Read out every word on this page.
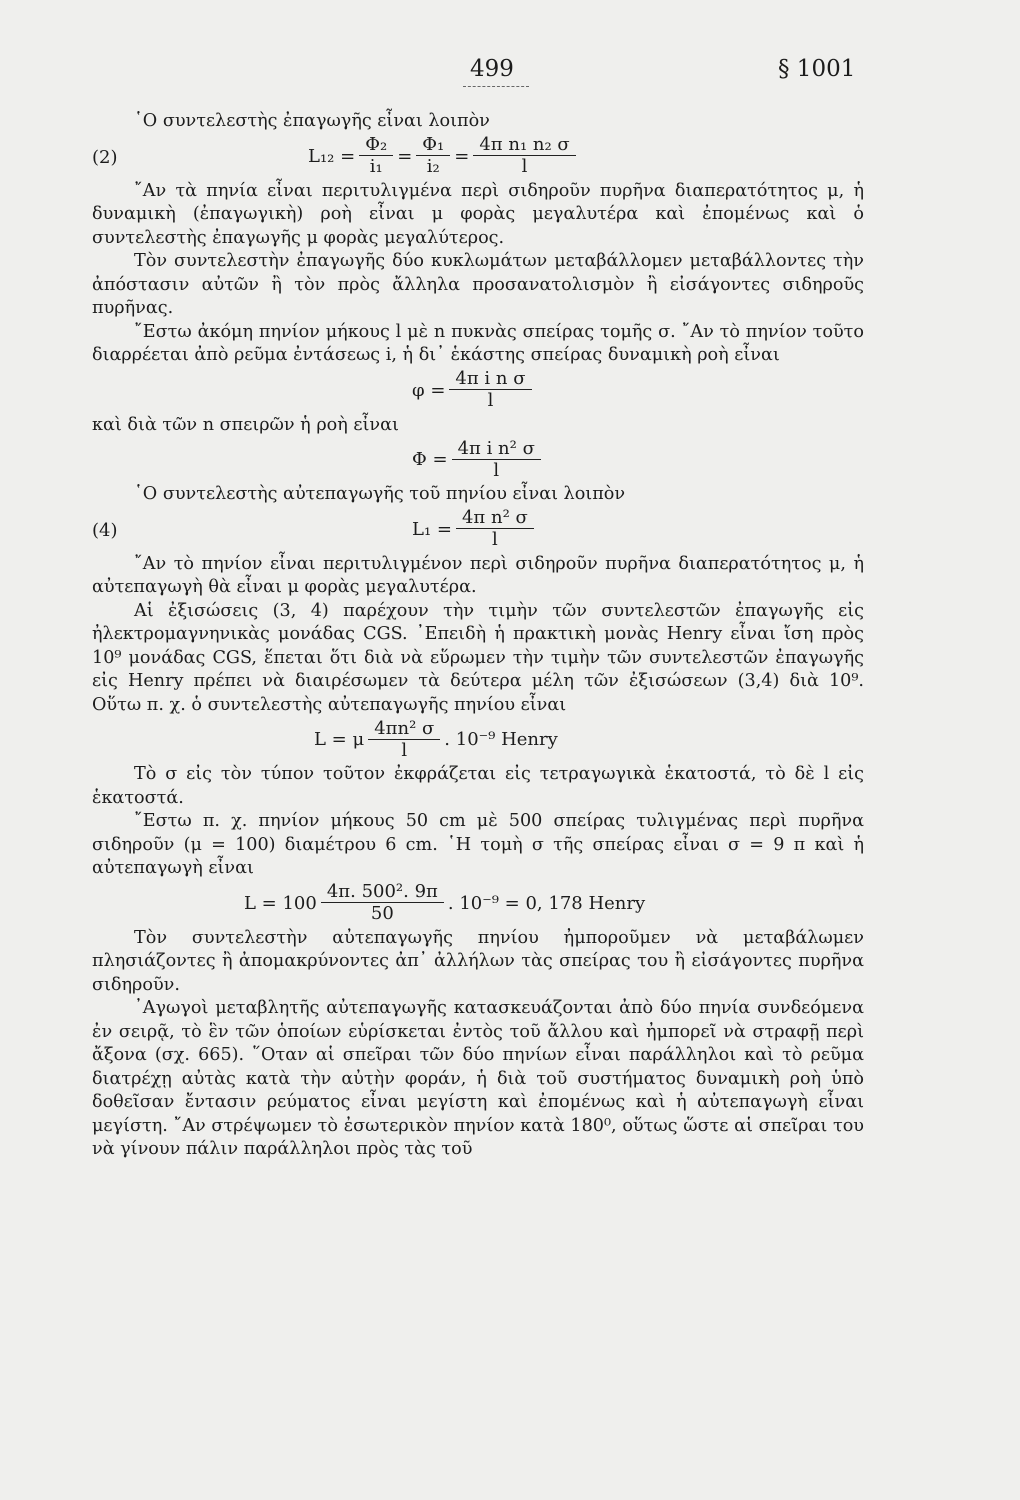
499	§ 1001

῾Ο συντελεστὴς ἐπαγωγῆς εἶναι λοιπὸν

(2)	$L_{12} = \frac{\text{Φ₂}}{\text{i₁}} = \frac{\text{Φ₁}}{\text{i₂}} = \frac{\text{4π n₁ n₂ σ}}{l}$

῎Αν τὰ πηνία εἶναι περιτυλιγμένα περὶ σιδηροῦν πυρῆνα διαπερατότητος μ, ἡ δυναμικὴ (ἐπαγωγικὴ) ροὴ εἶναι μ φορὰς μεγαλυτέρα καὶ ἐπομένως καὶ ὁ συντελεστὴς ἐπαγωγῆς μ φορὰς μεγαλύτερος.

Τὸν συντελεστὴν ἐπαγωγῆς δύο κυκλωμάτων μεταβάλλομεν μεταβάλλοντες τὴν ἀπόστασιν αὐτῶν ἢ τὸν πρὸς ἄλληλα προσανατολισμὸν ἢ εἰσάγοντες σιδηροῦς πυρῆνας.

῎Εστω ἀκόμη πηνίον μήκους l μὲ n πυκνὰς σπείρας τομῆς σ. ῎Αν τὸ πηνίον τοῦτο διαρρέεται ἀπὸ ρεῦμα ἐντάσεως i, ἡ δι᾿ ἑκάστης σπείρας δυναμικὴ ροὴ εἶναι

$\varphi = \frac{\text{4π i n σ}}{l}$

καὶ διὰ τῶν n σπειρῶν ἡ ροὴ εἶναι

$\Phi = \frac{\text{4π i n² σ}}{l}$

῾Ο συντελεστὴς αὐτεπαγωγῆς τοῦ πηνίου εἶναι λοιπὸν

(4)	$L_1 = \frac{\text{4π n² σ}}{l}$

῎Αν τὸ πηνίον εἶναι περιτυλιγμένον περὶ σιδηροῦν πυρῆνα διαπερατότητος μ, ἡ αὐτεπαγωγὴ θὰ εἶναι μ φορὰς μεγαλυτέρα.

Αἱ ἐξισώσεις (3, 4) παρέχουν τὴν τιμὴν τῶν συντελεστῶν ἐπαγωγῆς εἰς ἠλεκτρομαγνηνικὰς μονάδας CGS. ᾿Επειδὴ ἡ πρακτικὴ μονὰς Henry εἶναι ἴση πρὸς 10⁹ μονάδας CGS, ἕπεται ὅτι διὰ νὰ εὕρωμεν τὴν τιμὴν τῶν συντελεστῶν ἐπαγωγῆς εἰς Henry πρέπει νὰ διαιρέσωμεν τὰ δεύτερα μέλη τῶν ἐξισώσεων (3,4) διὰ 10⁹. Οὕτω π. χ. ὁ συντελεστὴς αὐτεπαγωγῆς πηνίου εἶναι

L = μ $\frac{\text{4πn² σ}}{l}$ . 10⁻⁹ Henry

Τὸ σ εἰς τὸν τύπον τοῦτον ἐκφράζεται εἰς τετραγωγικὰ ἑκατοστά, τὸ δὲ l εἰς ἑκατοστά.

῎Εστω π. χ. πηνίον μήκους 50 cm μὲ 500 σπείρας τυλιγμένας περὶ πυρῆνα σιδηροῦν (μ = 100) διαμέτρου 6 cm. ῾Η τομὴ σ τῆς σπείρας εἶναι σ = 9 π καὶ ἡ αὐτεπαγωγὴ εἶναι

$L = 100 \frac{\text{4π. 500². 9π}}{50}$ . 10⁻⁹ = 0, 178 Henry

Τὸν συντελεστὴν αὐτεπαγωγῆς πηνίου ἠμποροῦμεν νὰ μεταβάλωμεν πλησιάζοντες ἢ ἀπομακρύνοντες ἀπ᾿ ἀλλήλων τὰς σπείρας του ἢ εἰσάγοντες πυρῆνα σιδηροῦν.

᾿Αγωγοὶ μεταβλητῆς αὐτεπαγωγῆς κατασκευάζονται ἀπὸ δύο πηνία συνδεόμενα ἐν σειρᾷ, τὸ ἓν τῶν ὁποίων εὑρίσκεται ἐντὸς τοῦ ἄλλου καὶ ἠμπορεῖ νὰ στραφῇ περὶ ἄξονα (σχ. 665). ῞Οταν αἱ σπεῖραι τῶν δύο πηνίων εἶναι παράλληλοι καὶ τὸ ρεῦμα διατρέχῃ αὐτὰς κατὰ τὴν αὐτὴν φοράν, ἡ διὰ τοῦ συστήματος δυναμικὴ ροὴ ὑπὸ δοθεῖσαν ἔντασιν ρεύματος εἶναι μεγίστη καὶ ἐπομένως καὶ ἡ αὐτεπαγωγὴ εἶναι μεγίστη. ῎Αν στρέψωμεν τὸ ἐσωτερικὸν πηνίον κατὰ 180⁰, οὕτως ὥστε αἱ σπεῖραι του νὰ γίνουν πάλιν παράλληλοι πρὸς τὰς τοῦ
